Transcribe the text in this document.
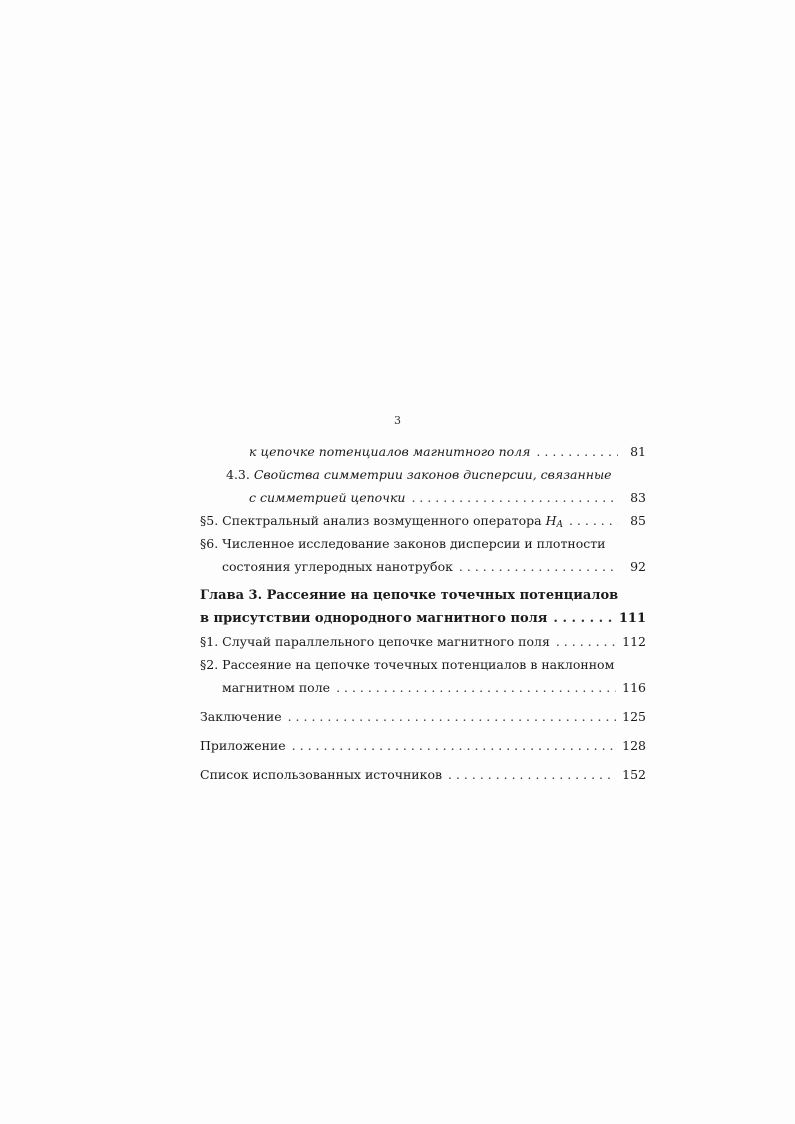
3
к цепочке потенциалов магнитного поля . . .	81
4.3. Свойства симметрии законов дисперсии, связанные
с симметрией цепочки . . .	83
§5. Спектральный анализ возмущенного оператора $H_A$ . . .	85
§6. Численное исследование законов дисперсии и плотности
состояния углеродных нанотрубок . . .	92
Глава 3. Рассеяние на цепочке точечных потенциалов
в присутствии однородного магнитного поля . . .	111
§1. Случай параллельного цепочке магнитного поля . . .	112
§2. Рассеяние на цепочке точечных потенциалов в наклонном
магнитном поле . . .	116
Заключение . . .	125
Приложение . . .	128
Список использованных источников . . .	152
